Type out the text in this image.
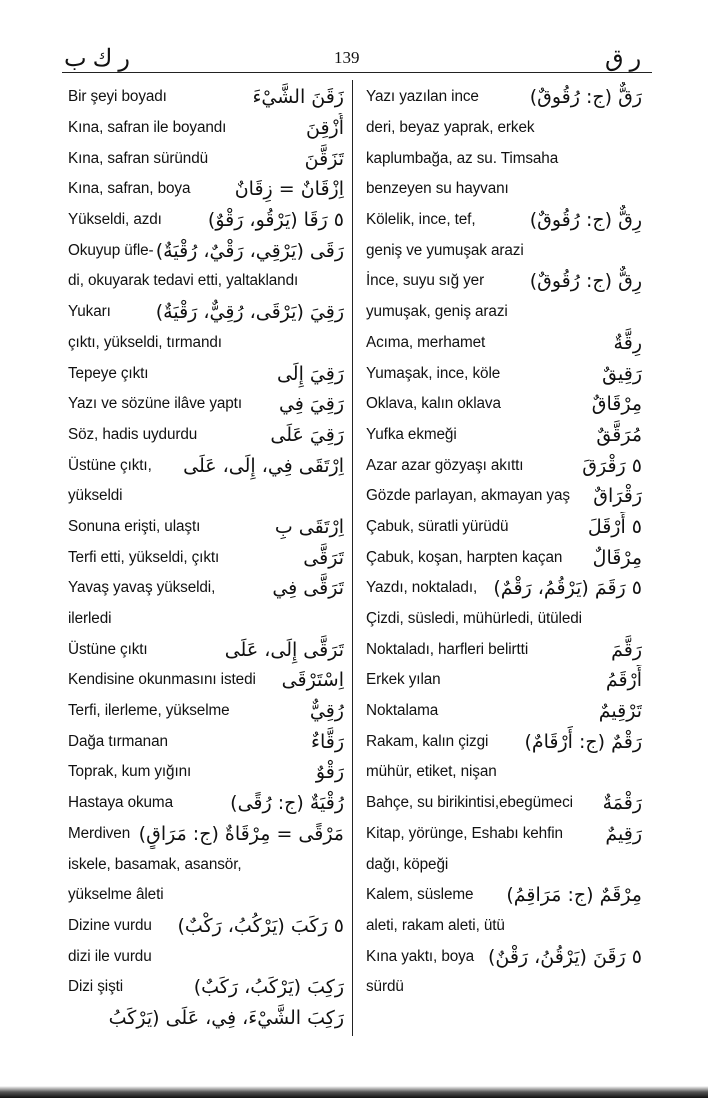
ر ك ب	139	ر ق
Bir şeyi boyadı	زَقَنَ الشَّيْءَ
Kına, safran ile boyandı	أُزْقِنَ
Kına, safran süründü	تَزَقَّنَ
Kına, safran, boya اِزْقَانٌ = زِقَانٌ
Yükseldi, azdı ٥ رَقَا (يَرْقُو، رَقْوٌ)
Okuyup üfle- رَقَى (يَرْقِي، رَقْيٌ، رُقْيَةٌ)
di, okuyarak tedavi etti, yaltaklandı
Yukarı رَقِيَ (يَرْقَى، رُقِيٌّ، رَقْيَةٌ)
çıktı, yükseldi, tırmandı
Tepeye çıktı	رَقِيَ إِلَى
Yazı ve sözüne ilâve yaptı رَقِيَ فِي
Söz, hadis uydurdu	رَقِيَ عَلَى
Üstüne çıktı, اِرْتَقَى فِي، إِلَى، عَلَى
yükseldi
Sonuna erişti, ulaştı	اِرْتَقَى بِ
Terfi etti, yükseldi, çıktı	تَرَقَّى
Yavaş yavaş yükseldi,	تَرَقَّى فِي
ilerledi
Üstüne çıktı	تَرَقَّى إِلَى، عَلَى
Kendisine okunmasını istedi اِسْتَرْقَى
Terfi, ilerleme, yükselme	رُقِيٌّ
Dağa tırmanan	رَقَّاءٌ
Toprak, kum yığını	رَقْوٌ
Hastaya okuma	رُقْيَةٌ (ج: رُقًى)
Merdiven مَرْقًى = مِرْقَاةٌ (ج: مَرَاقٍ)
iskele, basamak, asansör,
yükselme âleti
Dizine vurdu ٥ رَكَبَ (يَرْكُبُ، رَكْبٌ)
dizi ile vurdu
Dizi şişti	رَكِبَ (يَرْكَبُ، رَكَبٌ)
رَكِبَ الشَّيْءَ، فِي، عَلَى (يَرْكَبُ
Yazı yazılan ince	رَقٌّ (ج: رُقُوقٌ)
deri, beyaz yaprak, erkek
kaplumbağa, az su. Timsaha
benzeyen su hayvanı
Kölelik, ince, tef,	رِقٌّ (ج: رُقُوقٌ)
geniş ve yumuşak arazi
İnce, suyu sığ yer رِقٌّ (ج: رُقُوقٌ)
yumuşak, geniş arazi
Acıma, merhamet	رِقَّةٌ
Yumaşak, ince, köle	رَقِيقٌ
Oklava, kalın oklava	مِرْقَاقٌ
Yufka ekmeği	مُرَقَّقٌ
Azar azar gözyaşı akıttı	٥ رَقْرَقَ
Gözde parlayan, akmayan yaş رَقْرَاقٌ
Çabuk, süratli yürüdü	٥ أَرْقَلَ
Çabuk, koşan, harpten kaçan مِرْقَالٌ
Yazdı, noktaladı, ٥ رَقَمَ (يَرْقُمُ، رَقْمٌ)
Çizdi, süsledi, mühürledi, ütüledi
Noktaladı, harfleri belirtti	رَقَّمَ
Erkek yılan	أَرْقَمُ
Noktalama	تَرْقِيمٌ
Rakam, kalın çizgi رَقْمٌ (ج: أَرْقَامٌ)
mühür, etiket, nişan
Bahçe, su birikintisi,ebegümeci رَقْمَةٌ
Kitap, yörünge, Eshabı kehfin رَقِيمٌ
dağı, köpeği
Kalem, süsleme مِرْقَمٌ (ج: مَرَاقِمُ)
aleti, rakam aleti, ütü
Kına yaktı, boya ٥ رَقَنَ (يَرْقُنُ، رَقْنٌ)
sürdü
